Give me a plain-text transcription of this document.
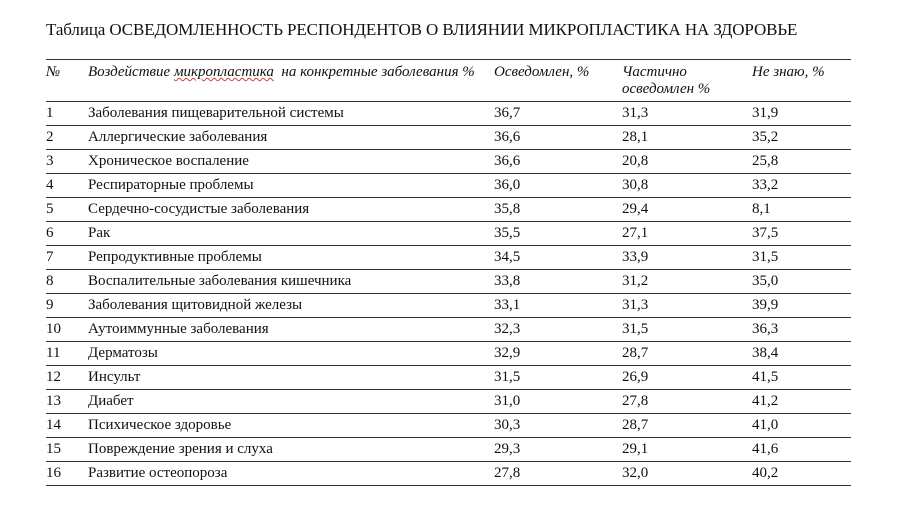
Таблица ОСВЕДОМЛЕННОСТЬ РЕСПОНДЕНТОВ О ВЛИЯНИИ МИКРОПЛАСТИКА НА ЗДОРОВЬЕ
№	Воздействие микропластика  на конкретные заболевания %	Осведомлен, %	Частично осведомлен %	Не знаю, %
1	Заболевания пищеварительной системы	36,7	31,3	31,9
2	Аллергические заболевания	36,6	28,1	35,2
3	Хроническое воспаление	36,6	20,8	25,8
4	Респираторные проблемы	36,0	30,8	33,2
5	Сердечно-сосудистые заболевания	35,8	29,4	8,1
6	Рак	35,5	27,1	37,5
7	Репродуктивные проблемы	34,5	33,9	31,5
8	Воспалительные заболевания кишечника	33,8	31,2	35,0
9	Заболевания щитовидной железы	33,1	31,3	39,9
10	Аутоиммунные заболевания	32,3	31,5	36,3
11	Дерматозы	32,9	28,7	38,4
12	Инсульт	31,5	26,9	41,5
13	Диабет	31,0	27,8	41,2
14	Психическое здоровье	30,3	28,7	41,0
15	Повреждение зрения и слуха	29,3	29,1	41,6
16	Развитие остеопороза	27,8	32,0	40,2
